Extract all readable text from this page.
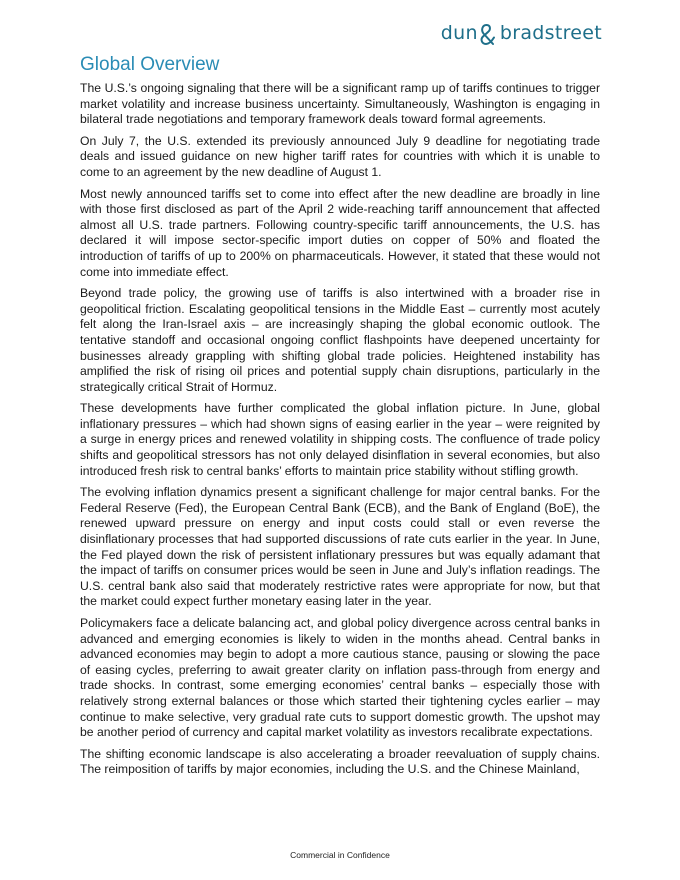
dun bradstreet
Global Overview

The U.S.’s ongoing signaling that there will be a significant ramp up of tariffs continues to trigger market volatility and increase business uncertainty. Simultaneously, Washington is engaging in bilateral trade negotiations and temporary framework deals toward formal agreements.

On July 7, the U.S. extended its previously announced July 9 deadline for negotiating trade deals and issued guidance on new higher tariff rates for countries with which it is unable to come to an agreement by the new deadline of August 1.

Most newly announced tariffs set to come into effect after the new deadline are broadly in line with those first disclosed as part of the April 2 wide-reaching tariff announcement that affected almost all U.S. trade partners. Following country-specific tariff announcements, the U.S. has declared it will impose sector-specific import duties on copper of 50% and floated the introduction of tariffs of up to 200% on pharmaceuticals. However, it stated that these would not come into immediate effect.

Beyond trade policy, the growing use of tariffs is also intertwined with a broader rise in geopolitical friction. Escalating geopolitical tensions in the Middle East – currently most acutely felt along the Iran-Israel axis – are increasingly shaping the global economic outlook. The tentative standoff and occasional ongoing conflict flashpoints have deepened uncertainty for businesses already grappling with shifting global trade policies. Heightened instability has amplified the risk of rising oil prices and potential supply chain disruptions, particularly in the strategically critical Strait of Hormuz.

These developments have further complicated the global inflation picture. In June, global inflationary pressures – which had shown signs of easing earlier in the year – were reignited by a surge in energy prices and renewed volatility in shipping costs. The confluence of trade policy shifts and geopolitical stressors has not only delayed disinflation in several economies, but also introduced fresh risk to central banks’ efforts to maintain price stability without stifling growth.

The evolving inflation dynamics present a significant challenge for major central banks. For the Federal Reserve (Fed), the European Central Bank (ECB), and the Bank of England (BoE), the renewed upward pressure on energy and input costs could stall or even reverse the disinflationary processes that had supported discussions of rate cuts earlier in the year. In June, the Fed played down the risk of persistent inflationary pressures but was equally adamant that the impact of tariffs on consumer prices would be seen in June and July’s inflation readings. The U.S. central bank also said that moderately restrictive rates were appropriate for now, but that the market could expect further monetary easing later in the year.

Policymakers face a delicate balancing act, and global policy divergence across central banks in advanced and emerging economies is likely to widen in the months ahead. Central banks in advanced economies may begin to adopt a more cautious stance, pausing or slowing the pace of easing cycles, preferring to await greater clarity on inflation pass-through from energy and trade shocks. In contrast, some emerging economies’ central banks – especially those with relatively strong external balances or those which started their tightening cycles earlier – may continue to make selective, very gradual rate cuts to support domestic growth. The upshot may be another period of currency and capital market volatility as investors recalibrate expectations.

The shifting economic landscape is also accelerating a broader reevaluation of supply chains. The reimposition of tariffs by major economies, including the U.S. and the Chinese Mainland,

Commercial in Confidence
